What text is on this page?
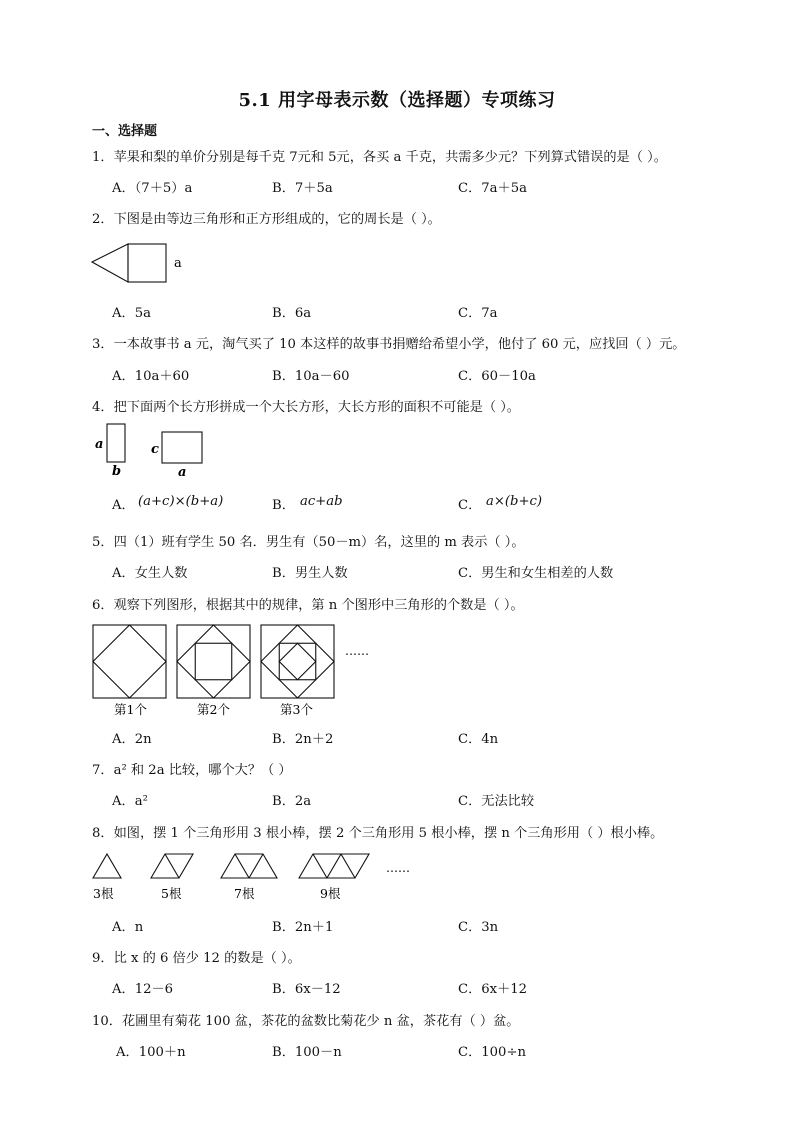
5.1 用字母表示数（选择题）专项练习
一、选择题
1．苹果和梨的单价分别是每千克 7元和 5元，各买 a 千克，共需多少元？下列算式错误的是（ ）。
A．（7＋5）a	B．7＋5a	C．7a＋5a
2．下图是由等边三角形和正方形组成的，它的周长是（ ）。
a
A．5a	B．6a	C．7a
3．一本故事书 a 元，淘气买了 10 本这样的故事书捐赠给希望小学，他付了 60 元，应找回（ ）元。
A．10a＋60	B．10a－60	C．60－10a
4．把下面两个长方形拼成一个大长方形，大长方形的面积不可能是（ ）。
a
b
c
a
A． (a+c)×(b+a)	B． ac+ab	C． a×(b+c)
5．四（1）班有学生 50 名．男生有（50－m）名，这里的 m 表示（ ）。
A．女生人数	B．男生人数	C．男生和女生相差的人数
6．观察下列图形，根据其中的规律，第 n 个图形中三角形的个数是（ ）。
第1个	第2个	第3个
……
A．2n	B．2n＋2	C．4n
7．a² 和 2a 比较，哪个大？（ ）
A．a²	B．2a	C．无法比较
8．如图，摆 1 个三角形用 3 根小棒，摆 2 个三角形用 5 根小棒，摆 n 个三角形用（ ）根小棒。
3根	5根	7根	9根
……
A．n	B．2n＋1	C．3n
9．比 x 的 6 倍少 12 的数是（ ）。
A．12－6	B．6x－12	C．6x＋12
10．花圃里有菊花 100 盆，茶花的盆数比菊花少 n 盆，茶花有（ ）盆。
A．100＋n	B．100－n	C．100÷n
